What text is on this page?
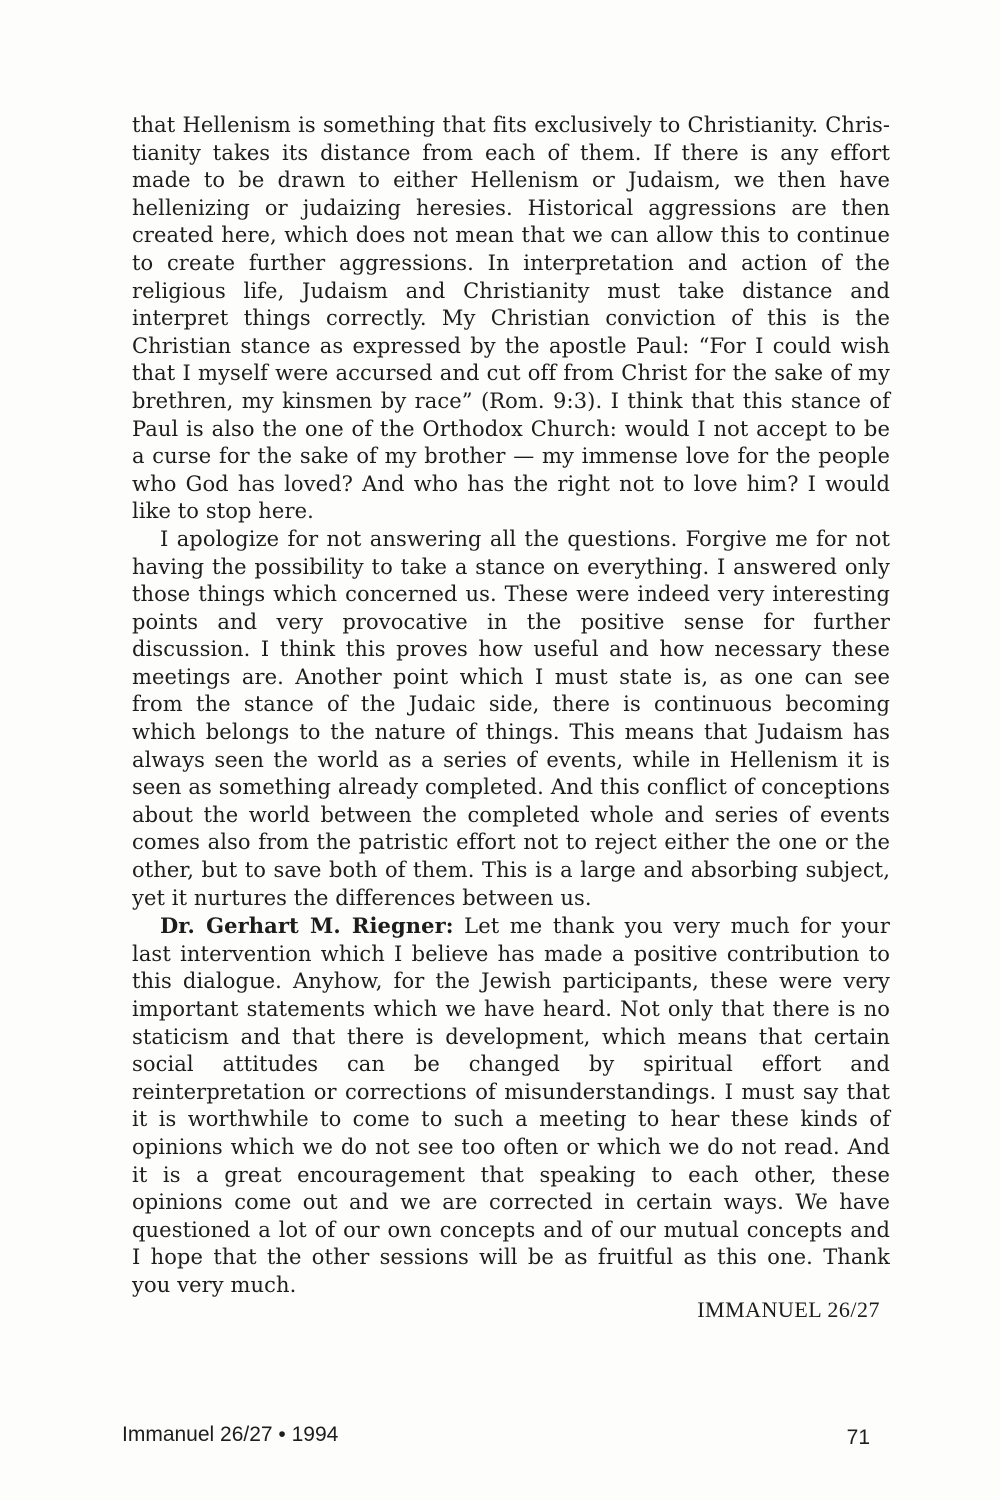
that Hellenism is something that fits exclusively to Christianity. Christianity takes its distance from each of them. If there is any effort made to be drawn to either Hellenism or Judaism, we then have hellenizing or judaizing heresies. Historical aggressions are then created here, which does not mean that we can allow this to continue to create further aggressions. In interpretation and action of the religious life, Judaism and Christianity must take distance and interpret things correctly. My Christian conviction of this is the Christian stance as expressed by the apostle Paul: “For I could wish that I myself were accursed and cut off from Christ for the sake of my brethren, my kinsmen by race” (Rom. 9:3). I think that this stance of Paul is also the one of the Orthodox Church: would I not accept to be a curse for the sake of my brother — my immense love for the people who God has loved? And who has the right not to love him? I would like to stop here.

I apologize for not answering all the questions. Forgive me for not having the possibility to take a stance on everything. I answered only those things which concerned us. These were indeed very interesting points and very provocative in the positive sense for further discussion. I think this proves how useful and how necessary these meetings are. Another point which I must state is, as one can see from the stance of the Judaic side, there is continuous becoming which belongs to the nature of things. This means that Judaism has always seen the world as a series of events, while in Hellenism it is seen as something already completed. And this conflict of conceptions about the world between the completed whole and series of events comes also from the patristic effort not to reject either the one or the other, but to save both of them. This is a large and absorbing subject, yet it nurtures the differences between us.

Dr. Gerhart M. Riegner: Let me thank you very much for your last intervention which I believe has made a positive contribution to this dialogue. Anyhow, for the Jewish participants, these were very important statements which we have heard. Not only that there is no staticism and that there is development, which means that certain social attitudes can be changed by spiritual effort and reinterpretation or corrections of misunderstandings. I must say that it is worthwhile to come to such a meeting to hear these kinds of opinions which we do not see too often or which we do not read. And it is a great encouragement that speaking to each other, these opinions come out and we are corrected in certain ways. We have questioned a lot of our own concepts and of our mutual concepts and I hope that the other sessions will be as fruitful as this one. Thank you very much.

IMMANUEL 26/27
Immanuel 26/27 • 1994	71
